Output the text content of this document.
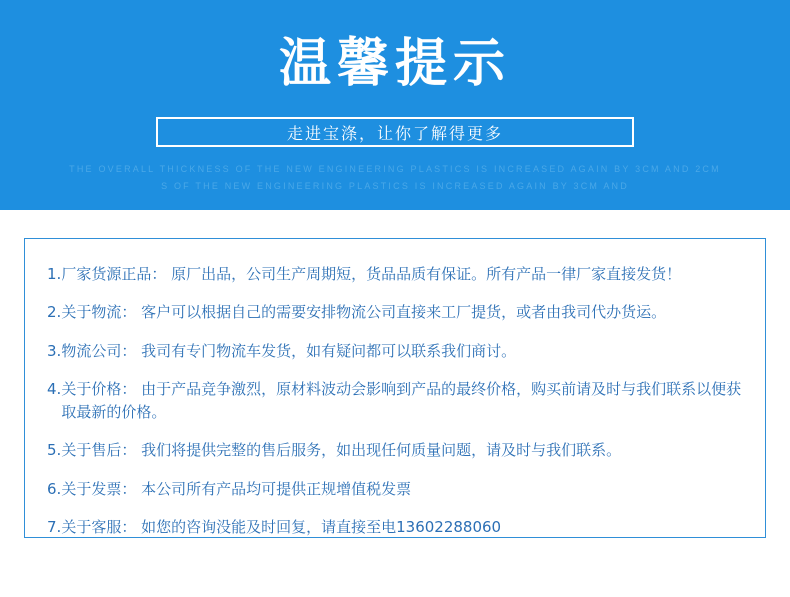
温馨提示
走进宝涤，让你了解得更多
THE OVERALL THICKNESS OF THE NEW ENGINEERING PLASTICS IS INCREASED AGAIN BY 3CM AND 2CM
S OF THE NEW ENGINEERING PLASTICS IS INCREASED AGAIN BY 3CM AND
1. 厂家货源正品： 原厂出品，公司生产周期短，货品品质有保证。所有产品一律厂家直接发货！
2. 关于物流： 客户可以根据自己的需要安排物流公司直接来工厂提货，或者由我司代办货运。
3. 物流公司： 我司有专门物流车发货，如有疑问都可以联系我们商讨。
4. 关于价格： 由于产品竞争激烈，原材料波动会影响到产品的最终价格，购买前请及时与我们联系以便获取最新的价格。
5. 关于售后： 我们将提供完整的售后服务，如出现任何质量问题，请及时与我们联系。
6. 关于发票： 本公司所有产品均可提供正规增值税发票
7. 关于客服： 如您的咨询没能及时回复，请直接至电13602288060
